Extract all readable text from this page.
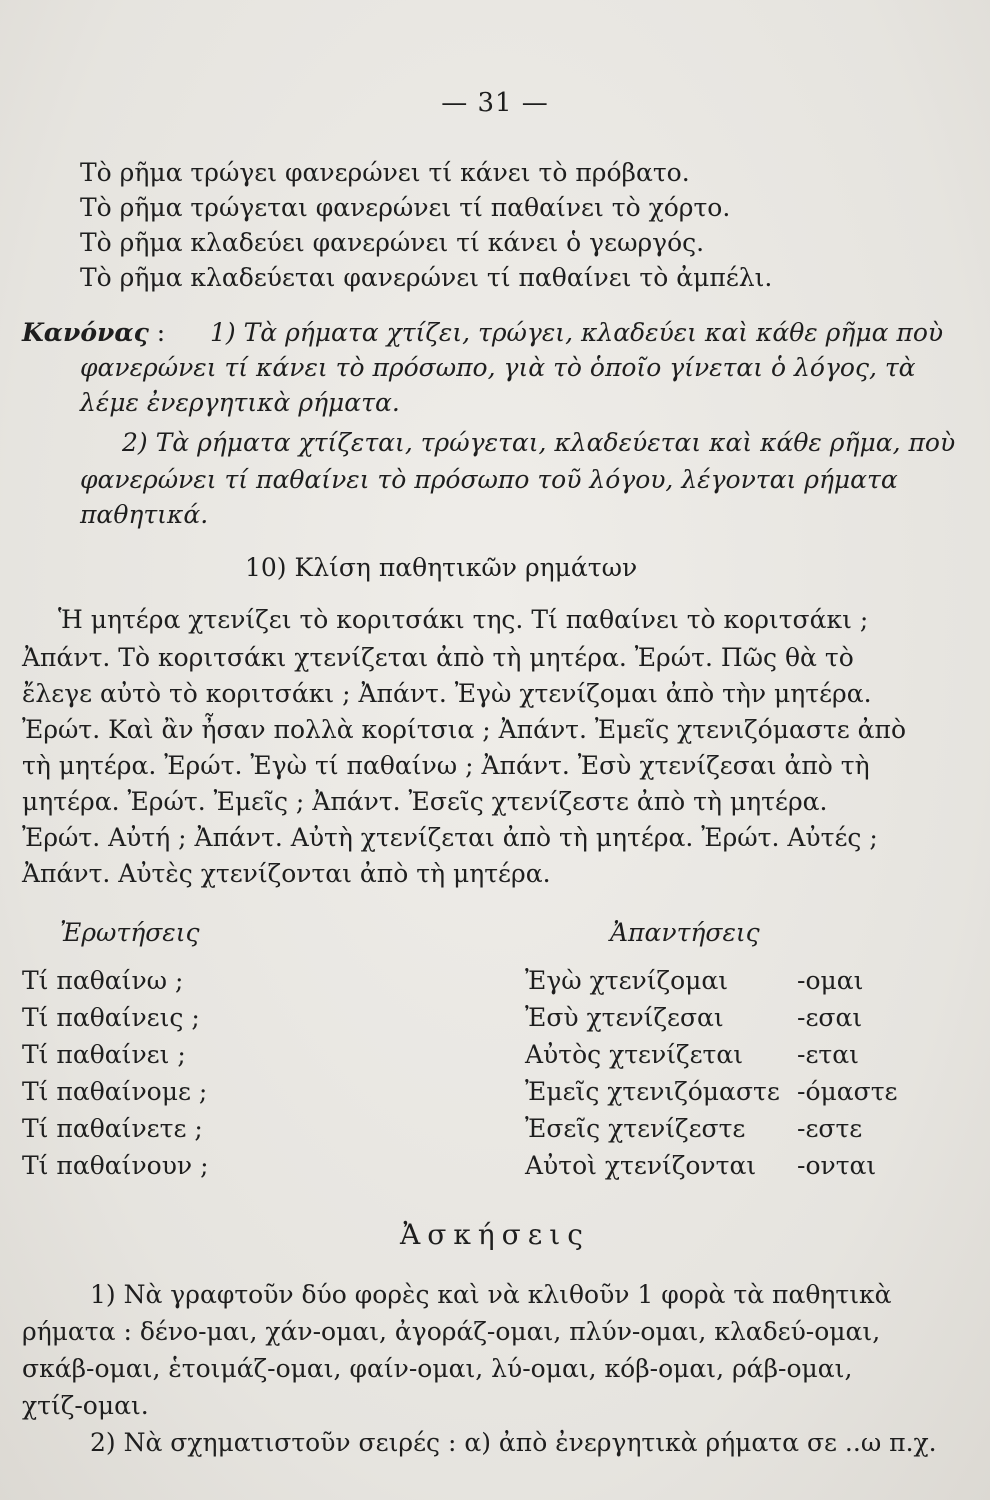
— 31 —
Τὸ ρῆμα τρώγει φανερώνει τί κάνει τὸ πρόβατο.
Τὸ ρῆμα τρώγεται φανερώνει τί παθαίνει τὸ χόρτο.
Τὸ ρῆμα κλαδεύει φανερώνει τί κάνει ὁ γεωργός.
Τὸ ρῆμα κλαδεύεται φανερώνει τί παθαίνει τὸ ἀμπέλι.
Κανόνας : 1) Τὰ ρήματα χτίζει, τρώγει, κλαδεύει καὶ κάθε ρῆμα ποὺ
φανερώνει τί κάνει τὸ πρόσωπο, γιὰ τὸ ὁποῖο γίνεται ὁ λόγος, τὰ
λέμε ἐνεργητικὰ ρήματα.
2) Τὰ ρήματα χτίζεται, τρώγεται, κλαδεύεται καὶ κάθε ρῆμα, ποὺ
φανερώνει τί παθαίνει τὸ πρόσωπο τοῦ λόγου, λέγονται ρήματα
παθητικά.
10) Κλίση παθητικῶν ρημάτων
Ἡ μητέρα χτενίζει τὸ κοριτσάκι της. Τί παθαίνει τὸ κοριτσάκι ;
Ἀπάντ. Τὸ κοριτσάκι χτενίζεται ἀπὸ τὴ μητέρα. Ἐρώτ. Πῶς θὰ τὸ
ἔλεγε αὐτὸ τὸ κοριτσάκι ; Ἀπάντ. Ἐγὼ χτενίζομαι ἀπὸ τὴν μητέρα.
Ἐρώτ. Καὶ ἂν ἦσαν πολλὰ κορίτσια ; Ἀπάντ. Ἐμεῖς χτενιζόμαστε ἀπὸ
τὴ μητέρα. Ἐρώτ. Ἐγὼ τί παθαίνω ; Ἀπάντ. Ἐσὺ χτενίζεσαι ἀπὸ τὴ
μητέρα. Ἐρώτ. Ἐμεῖς ; Ἀπάντ. Ἐσεῖς χτενίζεστε ἀπὸ τὴ μητέρα.
Ἐρώτ. Αὐτή ; Ἀπάντ. Αὐτὴ χτενίζεται ἀπὸ τὴ μητέρα. Ἐρώτ. Αὐτές ;
Ἀπάντ. Αὐτὲς χτενίζονται ἀπὸ τὴ μητέρα.
Ἐρωτήσεις	Ἀπαντήσεις
Τί παθαίνω ;	Ἐγὼ χτενίζομαι	-ομαι
Τί παθαίνεις ;	Ἐσὺ χτενίζεσαι	-εσαι
Τί παθαίνει ;	Αὐτὸς χτενίζεται -εται
Τί παθαίνομε ;	Ἐμεῖς χτενιζόμαστε -όμαστε
Τί παθαίνετε ;	Ἐσεῖς χτενίζεστε -εστε
Τί παθαίνουν ;	Αὐτοὶ χτενίζονται -ονται
Ἀσκήσεις
1) Νὰ γραφτοῦν δύο φορὲς καὶ νὰ κλιθοῦν 1 φορὰ τὰ παθητικὰ
ρήματα : δένο-μαι, χάν-ομαι, ἀγοράζ-ομαι, πλύν-ομαι, κλαδεύ-ομαι,
σκάβ-ομαι, ἑτοιμάζ-ομαι, φαίν-ομαι, λύ-ομαι, κόβ-ομαι, ράβ-ομαι,
χτίζ-ομαι.
2) Νὰ σχηματιστοῦν σειρές : α) ἀπὸ ἐνεργητικὰ ρήματα σε ..ω π.χ.
